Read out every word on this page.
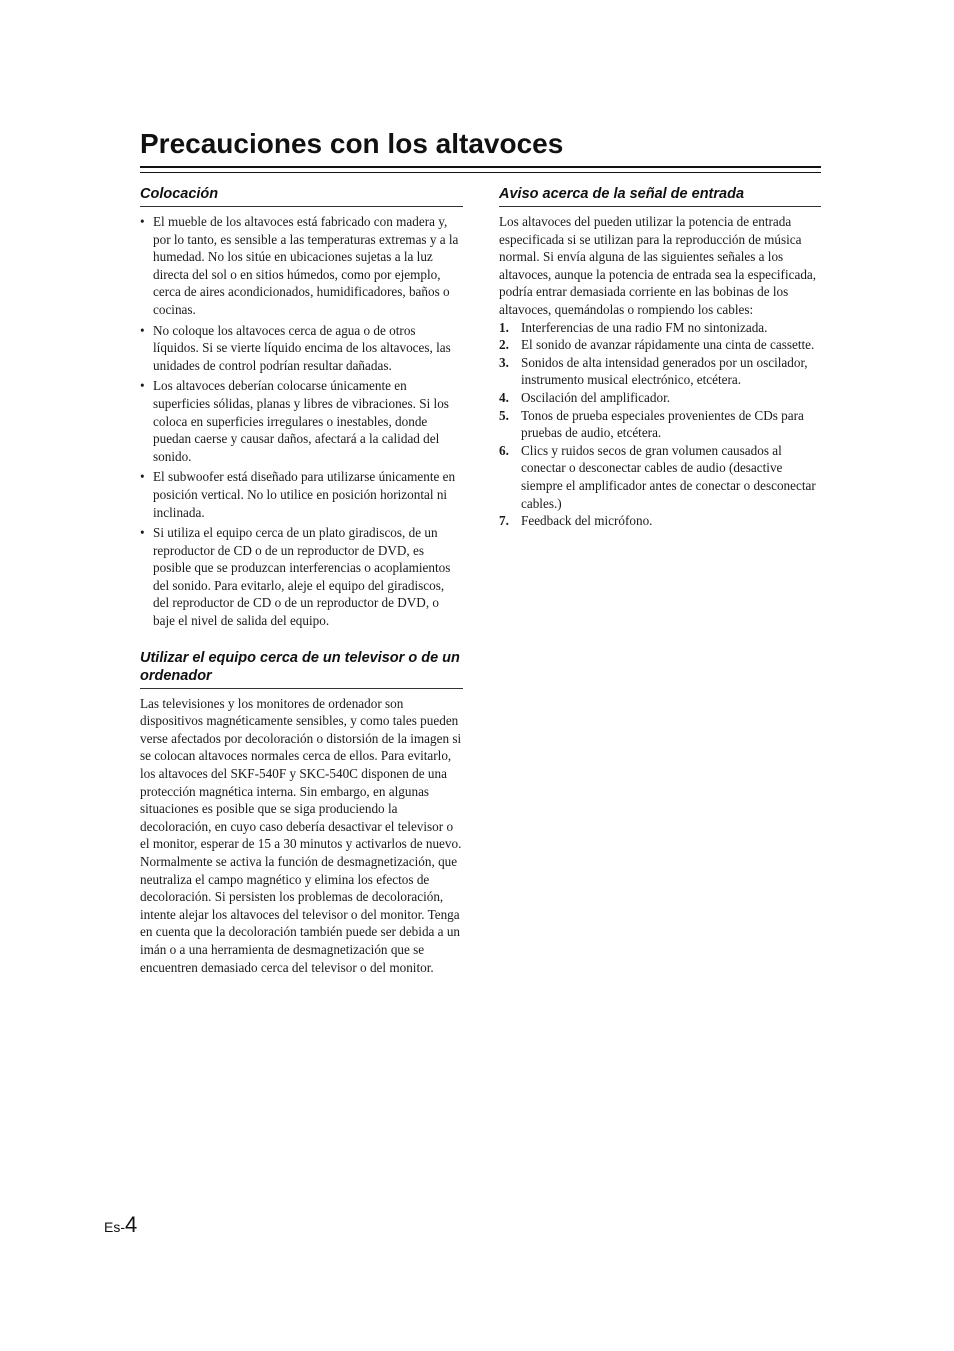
Precauciones con los altavoces
Colocación
• El mueble de los altavoces está fabricado con madera y, por lo tanto, es sensible a las temperaturas extremas y a la humedad. No los sitúe en ubicaciones sujetas a la luz directa del sol o en sitios húmedos, como por ejemplo, cerca de aires acondicionados, humidificadores, baños o cocinas.
• No coloque los altavoces cerca de agua o de otros líquidos. Si se vierte líquido encima de los altavoces, las unidades de control podrían resultar dañadas.
• Los altavoces deberían colocarse únicamente en superficies sólidas, planas y libres de vibraciones. Si los coloca en superficies irregulares o inestables, donde puedan caerse y causar daños, afectará a la calidad del sonido.
• El subwoofer está diseñado para utilizarse únicamente en posición vertical. No lo utilice en posición horizontal ni inclinada.
• Si utiliza el equipo cerca de un plato giradiscos, de un reproductor de CD o de un reproductor de DVD, es posible que se produzcan interferencias o acoplamientos del sonido. Para evitarlo, aleje el equipo del giradiscos, del reproductor de CD o de un reproductor de DVD, o baje el nivel de salida del equipo.
Utilizar el equipo cerca de un televisor o de un ordenador

Las televisiones y los monitores de ordenador son dispositivos magnéticamente sensibles, y como tales pueden verse afectados por decoloración o distorsión de la imagen si se colocan altavoces normales cerca de ellos. Para evitarlo, los altavoces del SKF-540F y SKC-540C disponen de una protección magnética interna. Sin embargo, en algunas situaciones es posible que se siga produciendo la decoloración, en cuyo caso debería desactivar el televisor o el monitor, esperar de 15 a 30 minutos y activarlos de nuevo. Normalmente se activa la función de desmagnetización, que neutraliza el campo magnético y elimina los efectos de decoloración. Si persisten los problemas de decoloración, intente alejar los altavoces del televisor o del monitor. Tenga en cuenta que la decoloración también puede ser debida a un imán o a una herramienta de desmagnetización que se encuentren demasiado cerca del televisor o del monitor.

Aviso acerca de la señal de entrada

Los altavoces del pueden utilizar la potencia de entrada especificada si se utilizan para la reproducción de música normal. Si envía alguna de las siguientes señales a los altavoces, aunque la potencia de entrada sea la especificada, podría entrar demasiada corriente en las bobinas de los altavoces, quemándolas o rompiendo los cables:

1. Interferencias de una radio FM no sintonizada.
2. El sonido de avanzar rápidamente una cinta de cassette.
3. Sonidos de alta intensidad generados por un oscilador, instrumento musical electrónico, etcétera.
4. Oscilación del amplificador.
5. Tonos de prueba especiales provenientes de CDs para pruebas de audio, etcétera.
6. Clics y ruidos secos de gran volumen causados al conectar o desconectar cables de audio (desactive siempre el amplificador antes de conectar o desconectar cables.)
7. Feedback del micrófono.
Es-4
